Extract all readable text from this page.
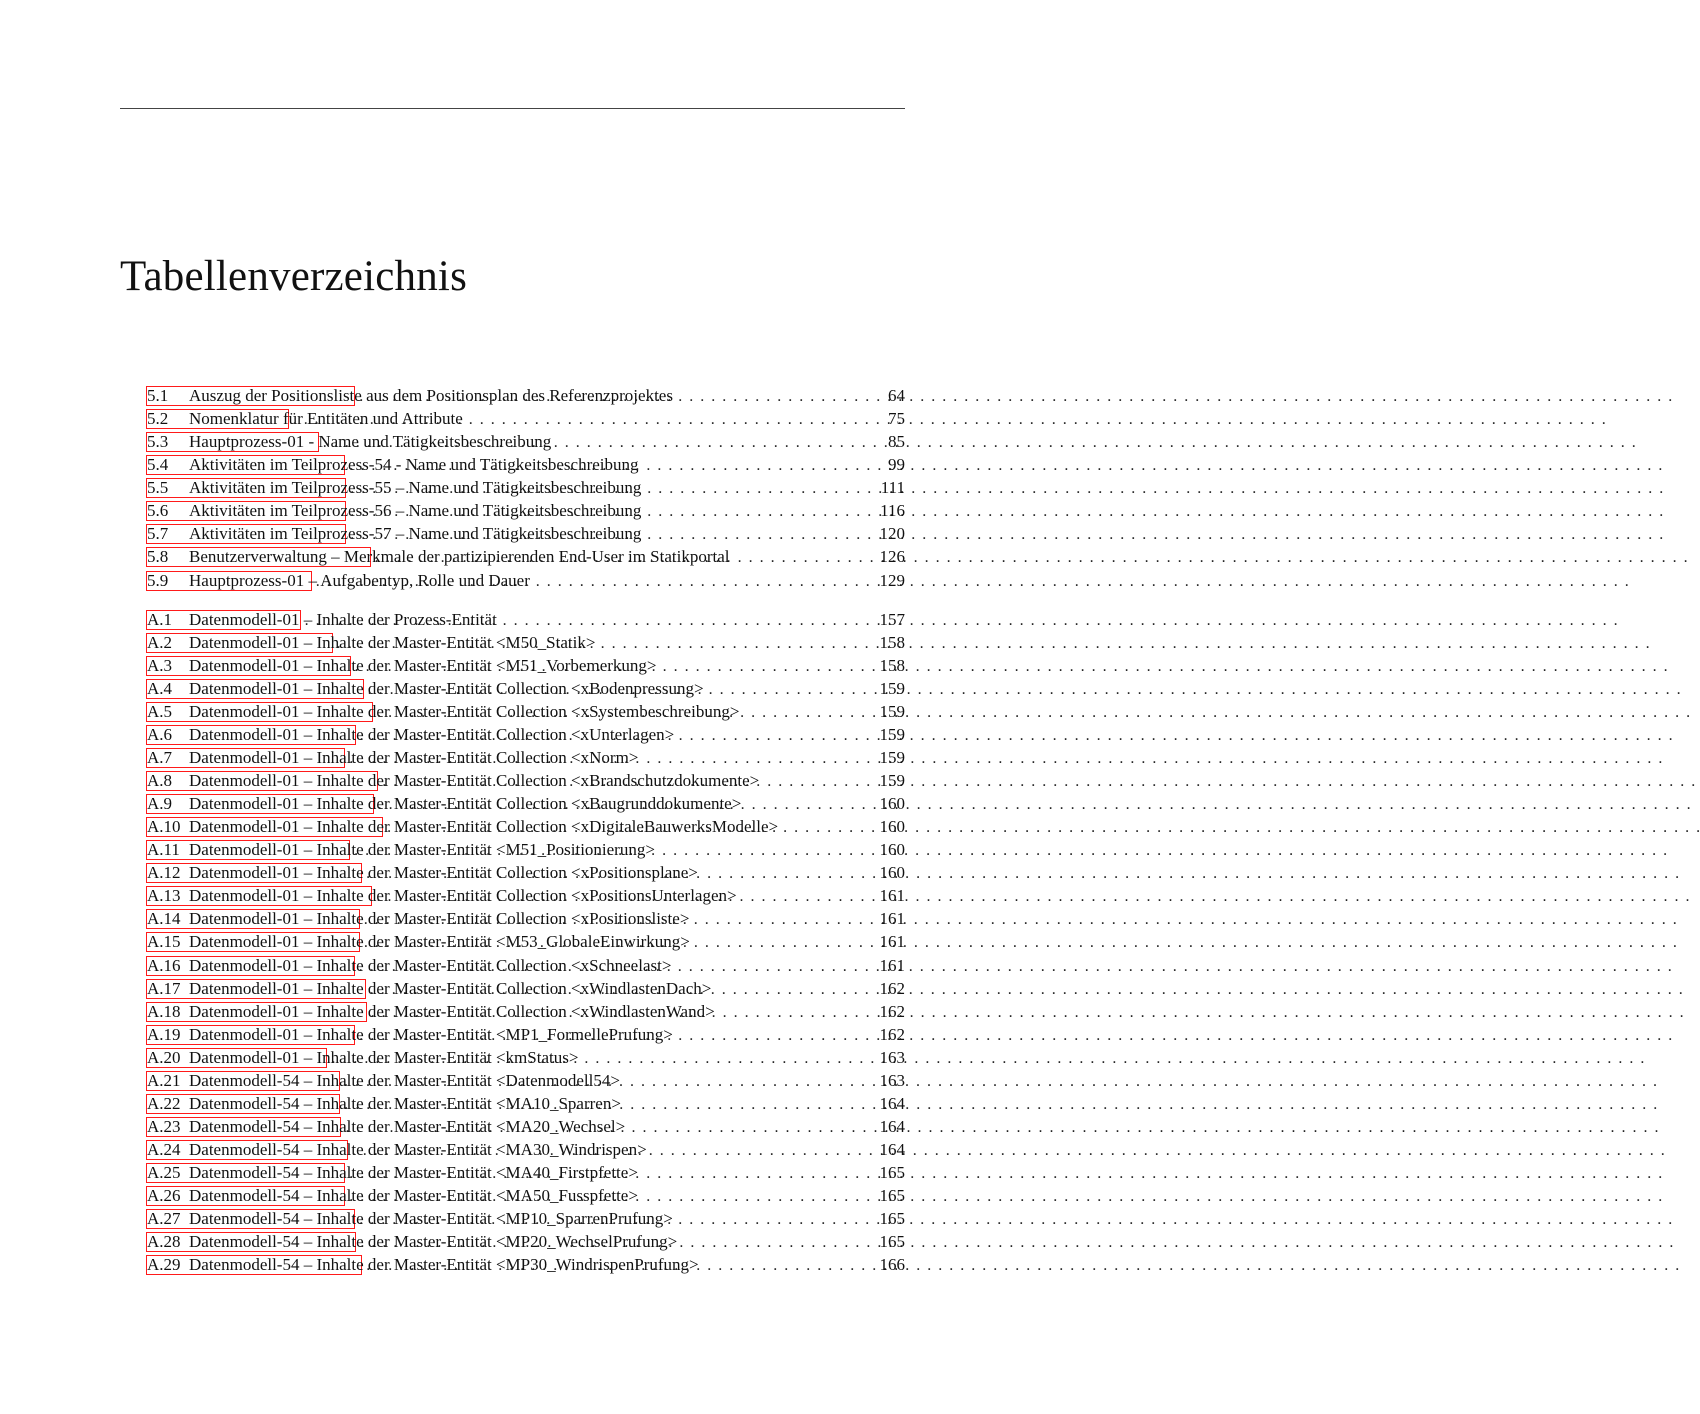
Tabellenverzeichnis
5.1	Auszug der Positionsliste aus dem Positionsplan des Referenzprojektes . . .	64
5.2	Nomenklatur für Entitäten und Attribute . . .	75
5.3	Hauptprozess-01 - Name und Tätigkeitsbeschreibung . . .	85
5.4	Aktivitäten im Teilprozess-54 - Name und Tätigkeitsbeschreibung . . .	99
5.5	Aktivitäten im Teilprozess-55 – Name und Tätigkeitsbeschreibung . . .	111
5.6	Aktivitäten im Teilprozess-56 – Name und Tätigkeitsbeschreibung . . .	116
5.7	Aktivitäten im Teilprozess-57 – Name und Tätigkeitsbeschreibung . . .	120
5.8	Benutzerverwaltung – Merkmale der partizipierenden End-User im Statikportal . . .	126
5.9	Hauptprozess-01 – Aufgabentyp, Rolle und Dauer . . .	129
A.1 Datenmodell-01 – Inhalte der Prozess-Entität . . .	157
A.2 Datenmodell-01 – Inhalte der Master-Entität <M50_Statik> . . .	158
A.3 Datenmodell-01 – Inhalte der Master-Entität <M51_Vorbemerkung> . . .	158
A.4 Datenmodell-01 – Inhalte der Master-Entität Collection <xBodenpressung> . . .	159
A.5 Datenmodell-01 – Inhalte der Master-Entität Collection <xSystembeschreibung> . . .	159
A.6 Datenmodell-01 – Inhalte der Master-Entität Collection <xUnterlagen> . . .	159
A.7 Datenmodell-01 – Inhalte der Master-Entität Collection <xNorm> . . .	159
A.8 Datenmodell-01 – Inhalte der Master-Entität Collection <xBrandschutzdokumente> . . .	159
A.9 Datenmodell-01 – Inhalte der Master-Entität Collection <xBaugrunddokumente> . . .	160
A.10 Datenmodell-01 – Inhalte der Master-Entität Collection <xDigitaleBauwerksModelle> . . .	160
A.11 Datenmodell-01 – Inhalte der Master-Entität <M51_Positionierung> . . .	160
A.12 Datenmodell-01 – Inhalte der Master-Entität Collection <xPositionsplane> . . .	160
A.13 Datenmodell-01 – Inhalte der Master-Entität Collection <xPositionsUnterlagen> . . .	161
A.14 Datenmodell-01 – Inhalte der Master-Entität Collection <xPositionsliste> . . .	161
A.15 Datenmodell-01 – Inhalte der Master-Entität <M53_GlobaleEinwirkung> . . .	161
A.16 Datenmodell-01 – Inhalte der Master-Entität Collection <xSchneelast> . . .	161
A.17 Datenmodell-01 – Inhalte der Master-Entität Collection <xWindlastenDach> . . .	162
A.18 Datenmodell-01 – Inhalte der Master-Entität Collection <xWindlastenWand> . . .	162
A.19 Datenmodell-01 – Inhalte der Master-Entität <MP1_FormellePrufung> . . .	162
A.20 Datenmodell-01 – Inhalte der Master-Entität <kmStatus> . . .	163
A.21 Datenmodell-54 – Inhalte der Master-Entität <Datenmodell54> . . .	163
A.22 Datenmodell-54 – Inhalte der Master-Entität <MA10_Sparren> . . .	164
A.23 Datenmodell-54 – Inhalte der Master-Entität <MA20_Wechsel> . . .	164
A.24 Datenmodell-54 – Inhalte der Master-Entität <MA30_Windrispen> . . .	164
A.25 Datenmodell-54 – Inhalte der Master-Entität <MA40_Firstpfette> . . .	165
A.26 Datenmodell-54 – Inhalte der Master-Entität <MA50_Fusspfette> . . .	165
A.27 Datenmodell-54 – Inhalte der Master-Entität <MP10_SparrenPrufung> . . .	165
A.28 Datenmodell-54 – Inhalte der Master-Entität <MP20_WechselPrufung> . . .	165
A.29 Datenmodell-54 – Inhalte der Master-Entität <MP30_WindrispenPrufung> . . .	166
